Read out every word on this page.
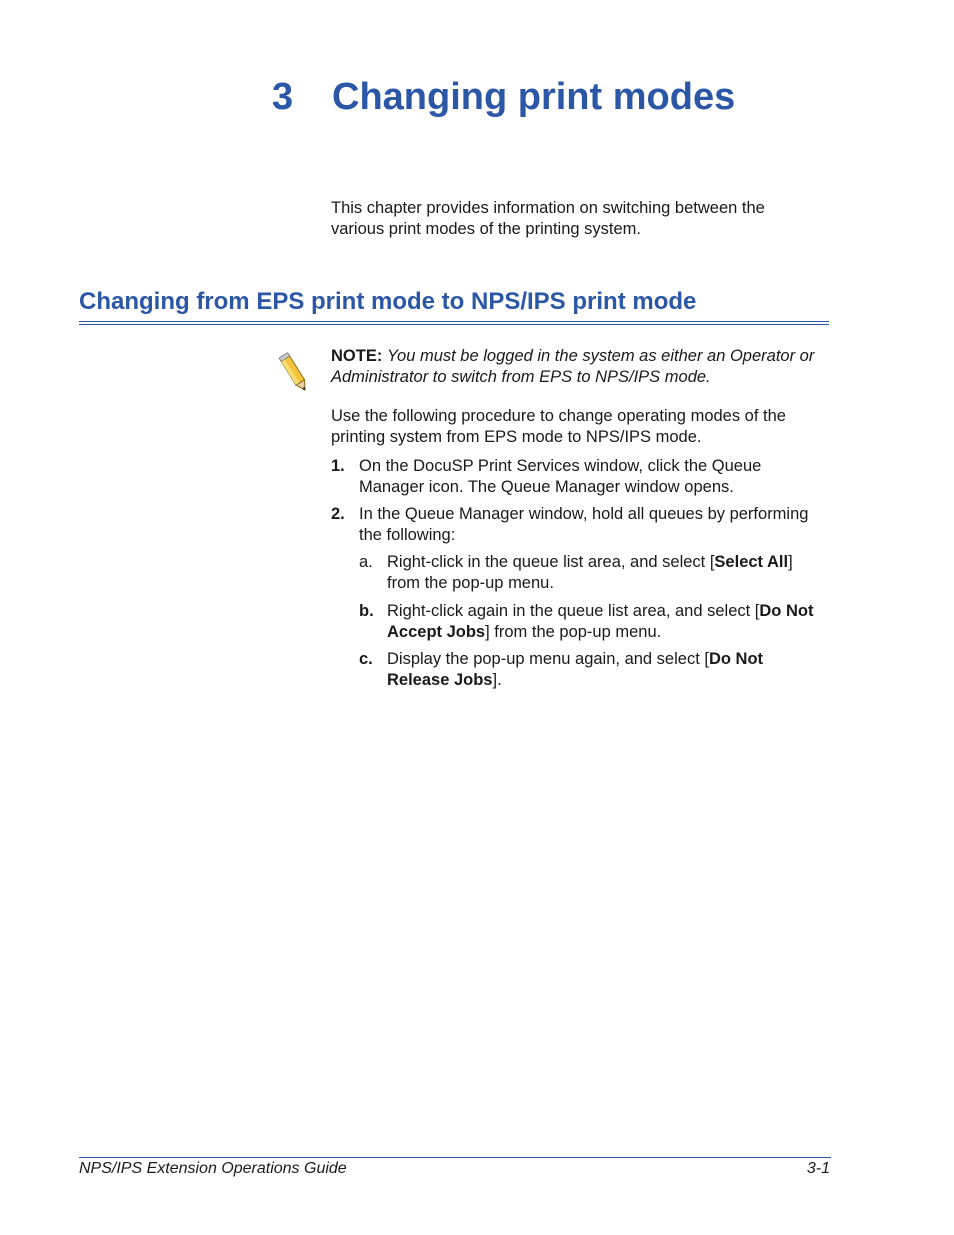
3 Changing print modes

This chapter provides information on switching between the various print modes of the printing system.

Changing from EPS print mode to NPS/IPS print mode

NOTE: You must be logged in the system as either an Operator or Administrator to switch from EPS to NPS/IPS mode.

Use the following procedure to change operating modes of the printing system from EPS mode to NPS/IPS mode.

1. On the DocuSP Print Services window, click the Queue
Manager icon. The Queue Manager window opens.
2. In the Queue Manager window, hold all queues by performing
the following:
a. Right-click in the queue list area, and select [Select All]
from the pop-up menu.
b. Right-click again in the queue list area, and select [Do Not
Accept Jobs] from the pop-up menu.
c. Display the pop-up menu again, and select [Do Not
Release Jobs].
NPS/IPS Extension Operations Guide	3-1
